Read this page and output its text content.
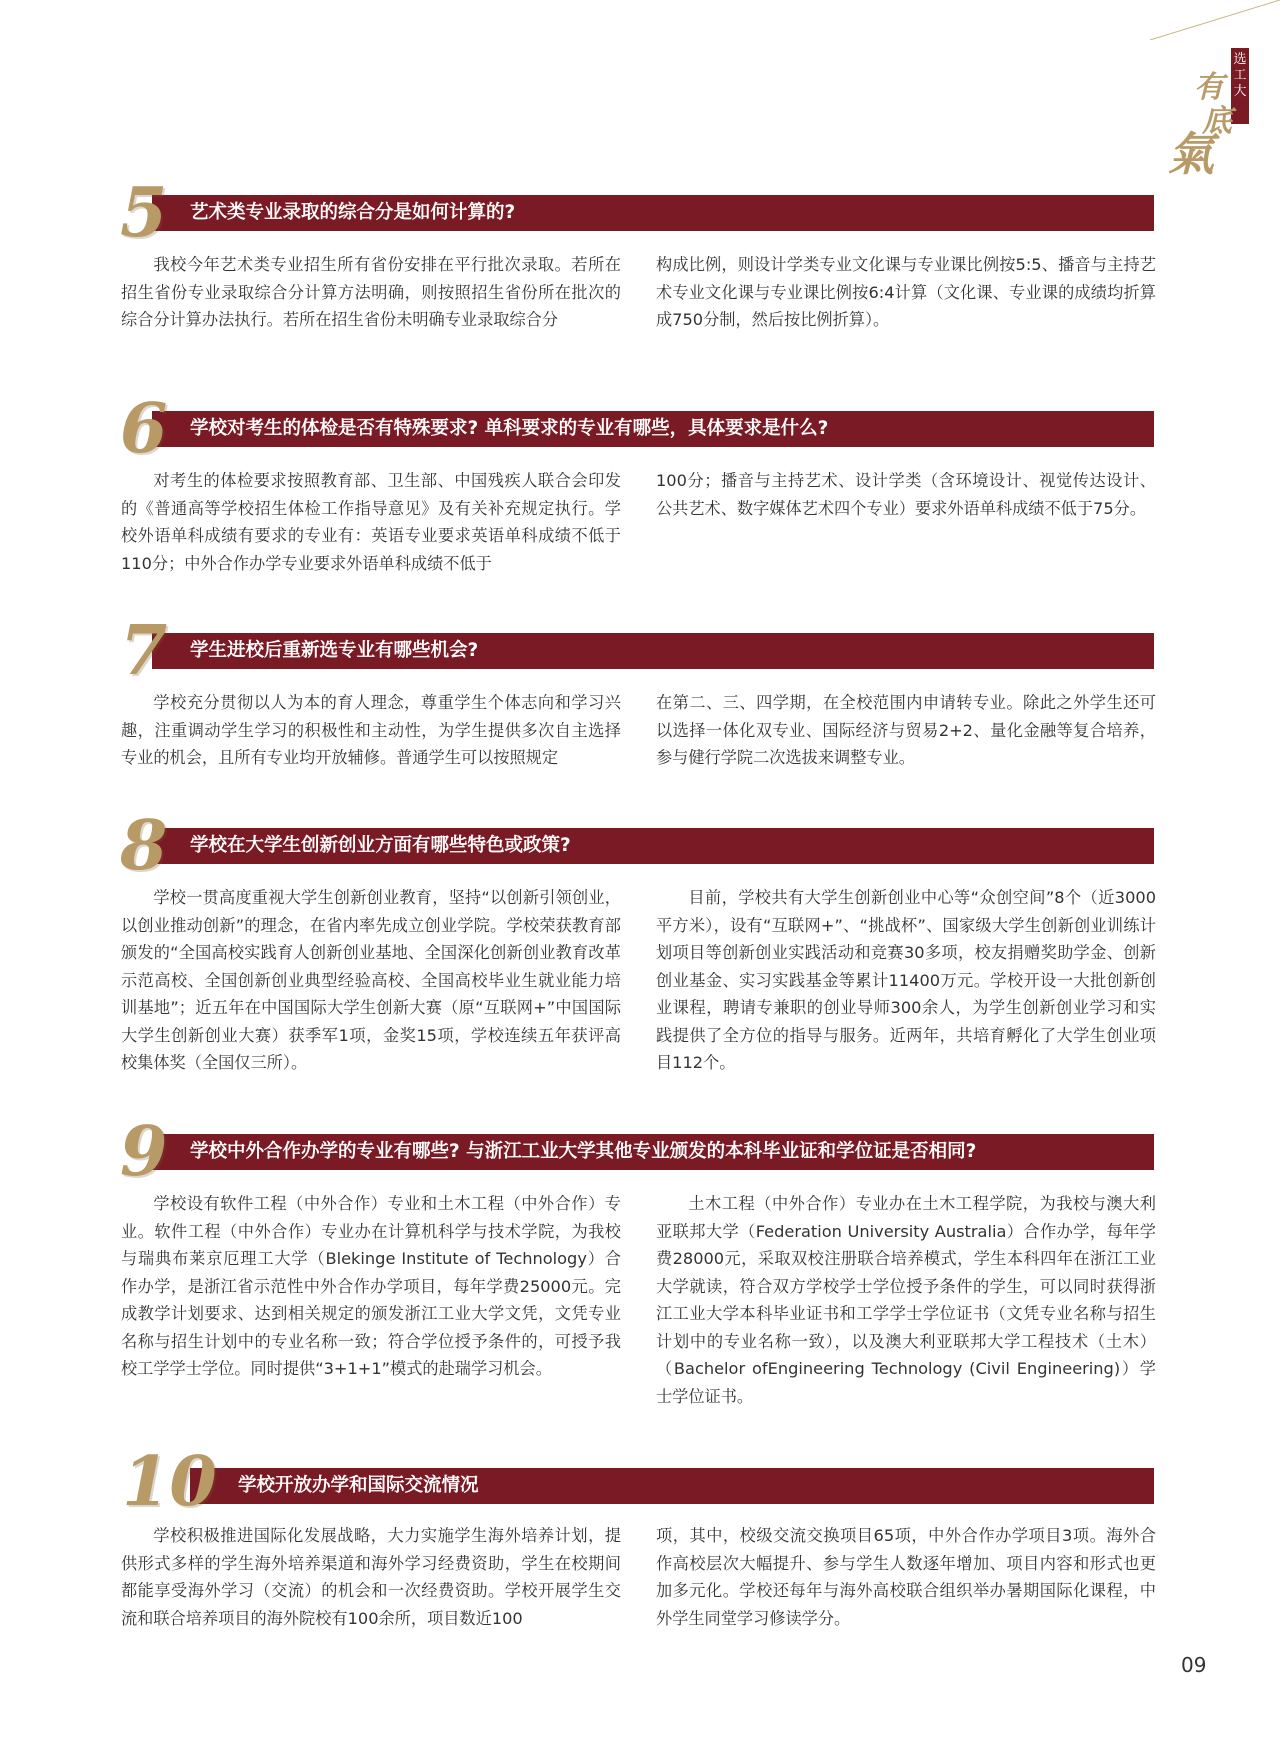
选工大
有
底
氣
艺术类专业录取的综合分是如何计算的?
5
我校今年艺术类专业招生所有省份安排在平行批次录取。若所在招生省份专业录取综合分计算方法明确，则按照招生省份所在批次的综合分计算办法执行。若所在招生省份未明确专业录取综合分
构成比例，则设计学类专业文化课与专业课比例按5:5、播音与主持艺术专业文化课与专业课比例按6:4计算（文化课、专业课的成绩均折算成750分制，然后按比例折算）。
学校对考生的体检是否有特殊要求? 单科要求的专业有哪些，具体要求是什么?
6
对考生的体检要求按照教育部、卫生部、中国残疾人联合会印发的《普通高等学校招生体检工作指导意见》及有关补充规定执行。学校外语单科成绩有要求的专业有：英语专业要求英语单科成绩不低于110分；中外合作办学专业要求外语单科成绩不低于
100分；播音与主持艺术、设计学类（含环境设计、视觉传达设计、公共艺术、数字媒体艺术四个专业）要求外语单科成绩不低于75分。
学生进校后重新选专业有哪些机会?
7
学校充分贯彻以人为本的育人理念，尊重学生个体志向和学习兴趣，注重调动学生学习的积极性和主动性，为学生提供多次自主选择专业的机会，且所有专业均开放辅修。普通学生可以按照规定
在第二、三、四学期，在全校范围内申请转专业。除此之外学生还可以选择一体化双专业、国际经济与贸易2+2、量化金融等复合培养，参与健行学院二次选拔来调整专业。
学校在大学生创新创业方面有哪些特色或政策?
8
学校一贯高度重视大学生创新创业教育，坚持“以创新引领创业，以创业推动创新”的理念，在省内率先成立创业学院。学校荣获教育部颁发的“全国高校实践育人创新创业基地、全国深化创新创业教育改革示范高校、全国创新创业典型经验高校、全国高校毕业生就业能力培训基地”；近五年在中国国际大学生创新大赛（原“互联网+”中国国际大学生创新创业大赛）获季军1项，金奖15项，学校连续五年获评高校集体奖（全国仅三所）。
目前，学校共有大学生创新创业中心等“众创空间”8个（近3000平方米），设有“互联网+”、“挑战杯”、国家级大学生创新创业训练计划项目等创新创业实践活动和竞赛30多项，校友捐赠奖助学金、创新创业基金、实习实践基金等累计11400万元。学校开设一大批创新创业课程，聘请专兼职的创业导师300余人，为学生创新创业学习和实践提供了全方位的指导与服务。近两年，共培育孵化了大学生创业项目112个。
学校中外合作办学的专业有哪些? 与浙江工业大学其他专业颁发的本科毕业证和学位证是否相同?
9
学校设有软件工程（中外合作）专业和土木工程（中外合作）专业。软件工程（中外合作）专业办在计算机科学与技术学院，为我校与瑞典布莱京厄理工大学（Blekinge Institute of Technology）合作办学，是浙江省示范性中外合作办学项目，每年学费25000元。完成教学计划要求、达到相关规定的颁发浙江工业大学文凭，文凭专业名称与招生计划中的专业名称一致；符合学位授予条件的，可授予我校工学学士学位。同时提供“3+1+1”模式的赴瑞学习机会。
土木工程（中外合作）专业办在土木工程学院，为我校与澳大利亚联邦大学（Federation University Australia）合作办学，每年学费28000元，采取双校注册联合培养模式，学生本科四年在浙江工业大学就读，符合双方学校学士学位授予条件的学生，可以同时获得浙江工业大学本科毕业证书和工学学士学位证书（文凭专业名称与招生计划中的专业名称一致），以及澳大利亚联邦大学工程技术（土木）（Bachelor ofEngineering Technology (Civil Engineering)）学士学位证书。
学校开放办学和国际交流情况
10
学校积极推进国际化发展战略，大力实施学生海外培养计划，提供形式多样的学生海外培养渠道和海外学习经费资助，学生在校期间都能享受海外学习（交流）的机会和一次经费资助。学校开展学生交流和联合培养项目的海外院校有100余所，项目数近100
项，其中，校级交流交换项目65项，中外合作办学项目3项。海外合作高校层次大幅提升、参与学生人数逐年增加、项目内容和形式也更加多元化。学校还每年与海外高校联合组织举办暑期国际化课程，中外学生同堂学习修读学分。
09
